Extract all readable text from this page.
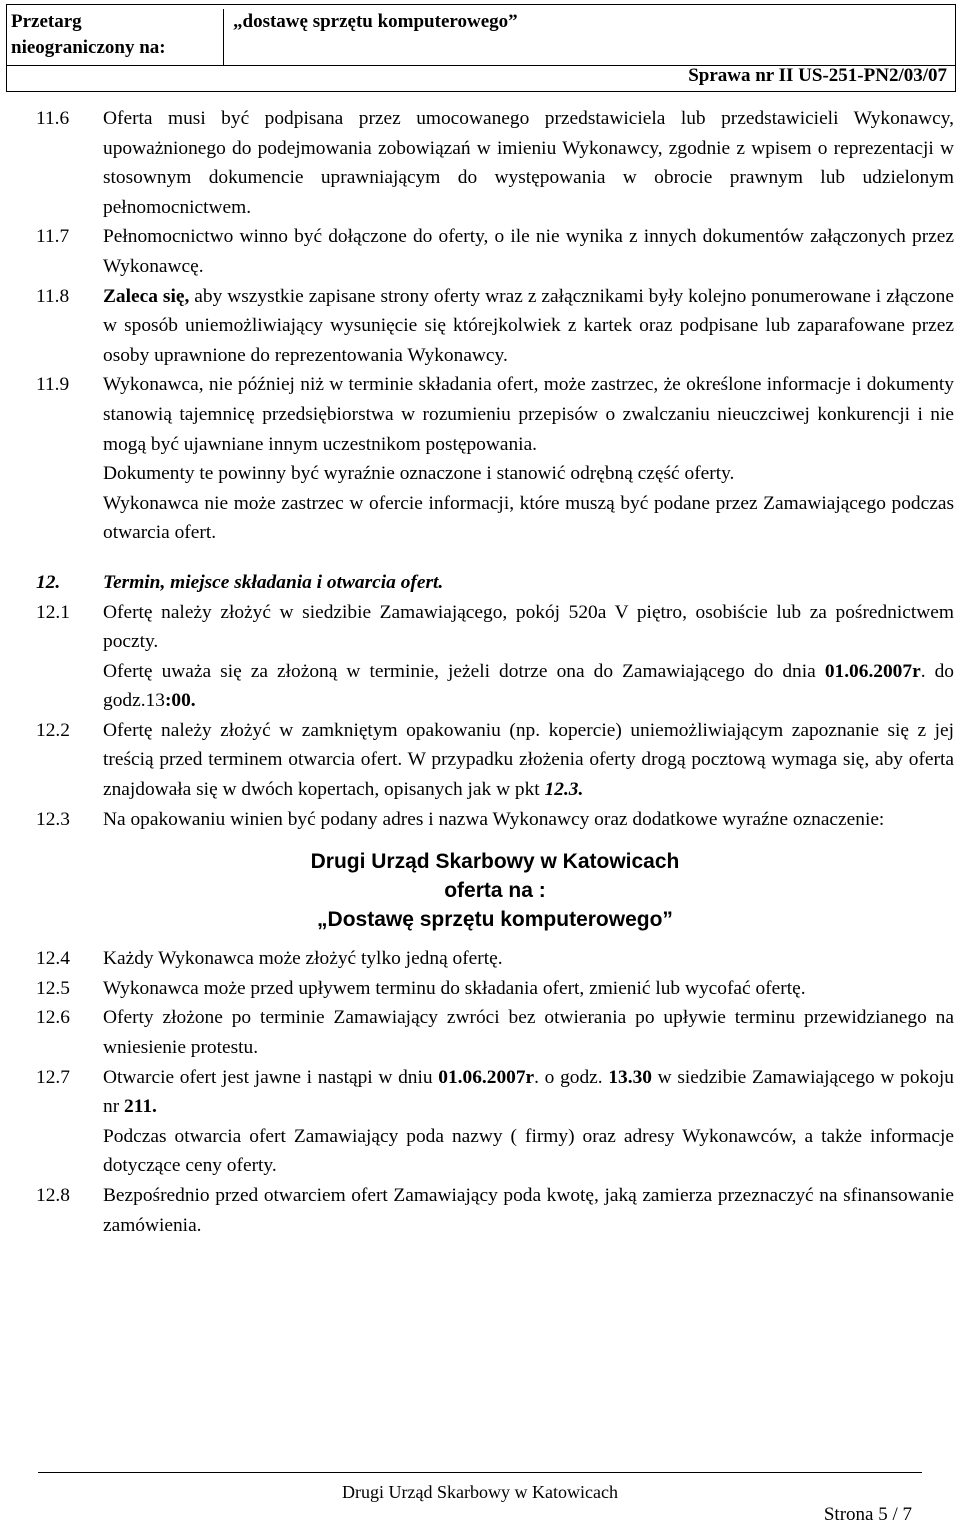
Przetarg
nieograniczony na:
„dostawę sprzętu komputerowego”
Sprawa nr II US-251-PN2/03/07
11.6	Oferta musi być podpisana przez umocowanego przedstawiciela lub przedstawicieli Wykonawcy, upoważnionego do podejmowania zobowiązań w imieniu Wykonawcy, zgodnie z wpisem o reprezentacji w stosownym dokumencie uprawniającym do występowania w obrocie prawnym lub udzielonym pełnomocnictwem.
11.7	Pełnomocnictwo winno być dołączone do oferty, o ile nie wynika z innych dokumentów załączonych przez Wykonawcę.
11.8	Zaleca się, aby wszystkie zapisane strony oferty wraz z załącznikami były kolejno ponumerowane i złączone w sposób uniemożliwiający wysunięcie się którejkolwiek z kartek oraz podpisane lub zaparafowane przez osoby uprawnione do reprezentowania Wykonawcy.
11.9	Wykonawca, nie później niż w terminie składania ofert, może zastrzec, że określone informacje i dokumenty stanowią tajemnicę przedsiębiorstwa w rozumieniu przepisów o zwalczaniu nieuczciwej konkurencji i nie mogą być ujawniane innym uczestnikom postępowania.
Dokumenty te powinny być wyraźnie oznaczone i stanowić odrębną część oferty.
Wykonawca nie może zastrzec w ofercie informacji, które muszą być podane przez Zamawiającego podczas otwarcia ofert.
12.	Termin, miejsce składania i otwarcia ofert.
12.1	Ofertę należy złożyć w siedzibie Zamawiającego, pokój 520a V piętro, osobiście lub za pośrednictwem poczty.
Ofertę uważa się za złożoną w terminie, jeżeli dotrze ona do Zamawiającego do dnia 01.06.2007r. do godz.13:00.
12.2	Ofertę należy złożyć w zamkniętym opakowaniu (np. kopercie) uniemożliwiającym zapoznanie się z jej treścią przed terminem otwarcia ofert. W przypadku złożenia oferty drogą pocztową wymaga się, aby oferta znajdowała się w dwóch kopertach, opisanych jak w pkt 12.3.
12.3	Na opakowaniu winien być podany adres i nazwa Wykonawcy oraz dodatkowe wyraźne oznaczenie:
Drugi Urząd Skarbowy w Katowicach
oferta na :
„Dostawę sprzętu komputerowego”
12.4	Każdy Wykonawca może złożyć tylko jedną ofertę.
12.5	Wykonawca może przed upływem terminu do składania ofert, zmienić lub wycofać ofertę.
12.6	Oferty złożone po terminie Zamawiający zwróci bez otwierania po upływie terminu przewidzianego na wniesienie protestu.
12.7	Otwarcie ofert jest jawne i nastąpi w dniu 01.06.2007r. o godz. 13.30 w siedzibie Zamawiającego w pokoju nr 211.
Podczas otwarcia ofert Zamawiający poda nazwy ( firmy) oraz adresy Wykonawców, a także informacje dotyczące ceny oferty.
12.8	Bezpośrednio przed otwarciem ofert Zamawiający poda kwotę, jaką zamierza przeznaczyć na sfinansowanie zamówienia.
Drugi Urząd Skarbowy w Katowicach
Strona 5 / 7
